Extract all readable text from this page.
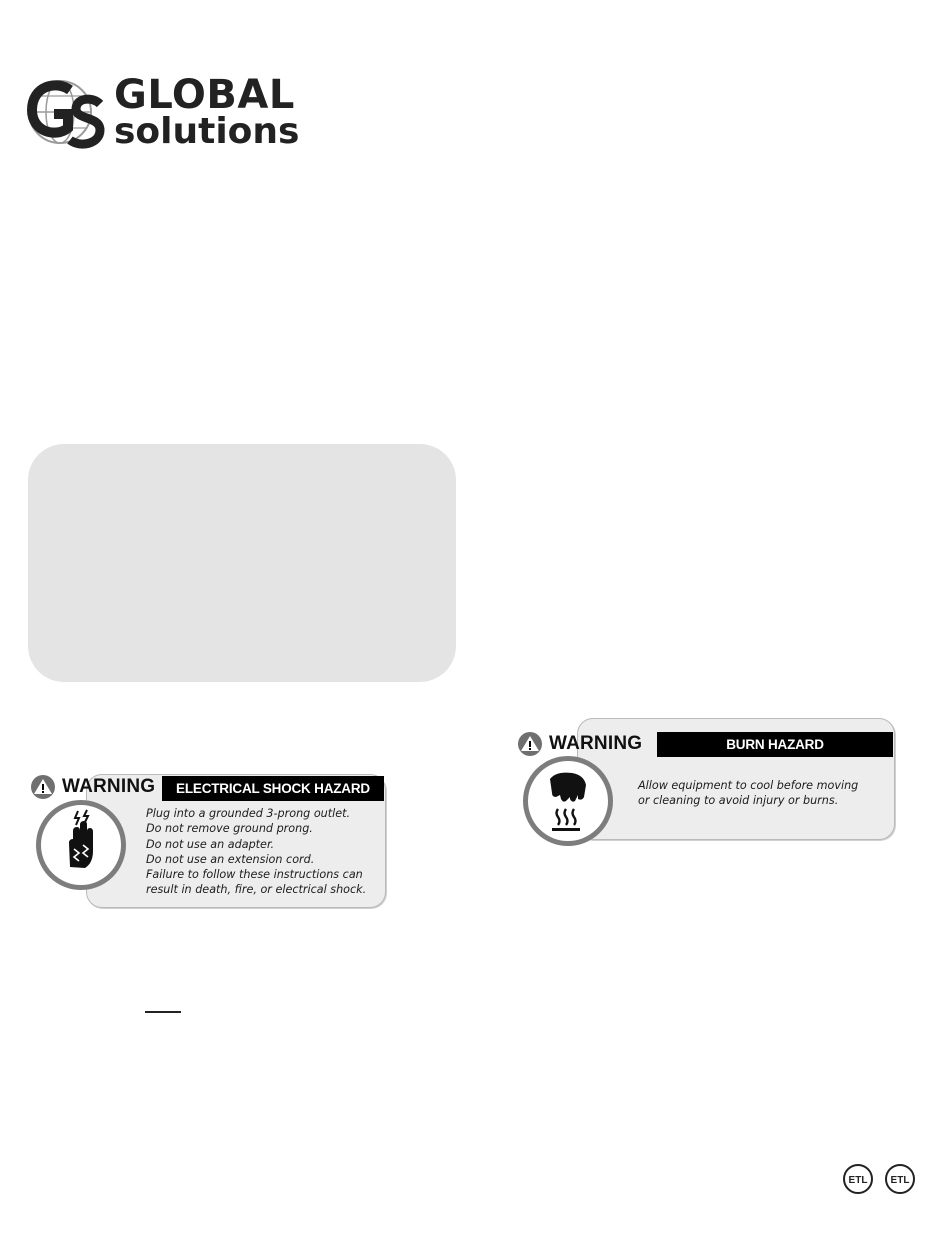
GLOBAL
solutions
ELECTRICAL SHOCK HAZARD
WARNING

Plug into a grounded 3-prong outlet.

Do not remove ground prong.

Do not use an adapter.

Do not use an extension cord.

Failure to follow these instructions can

result in death, fire, or electrical shock.

BURN HAZARD
WARNING

Allow equipment to cool before moving

or cleaning to avoid injury or burns.

ETL ETL
